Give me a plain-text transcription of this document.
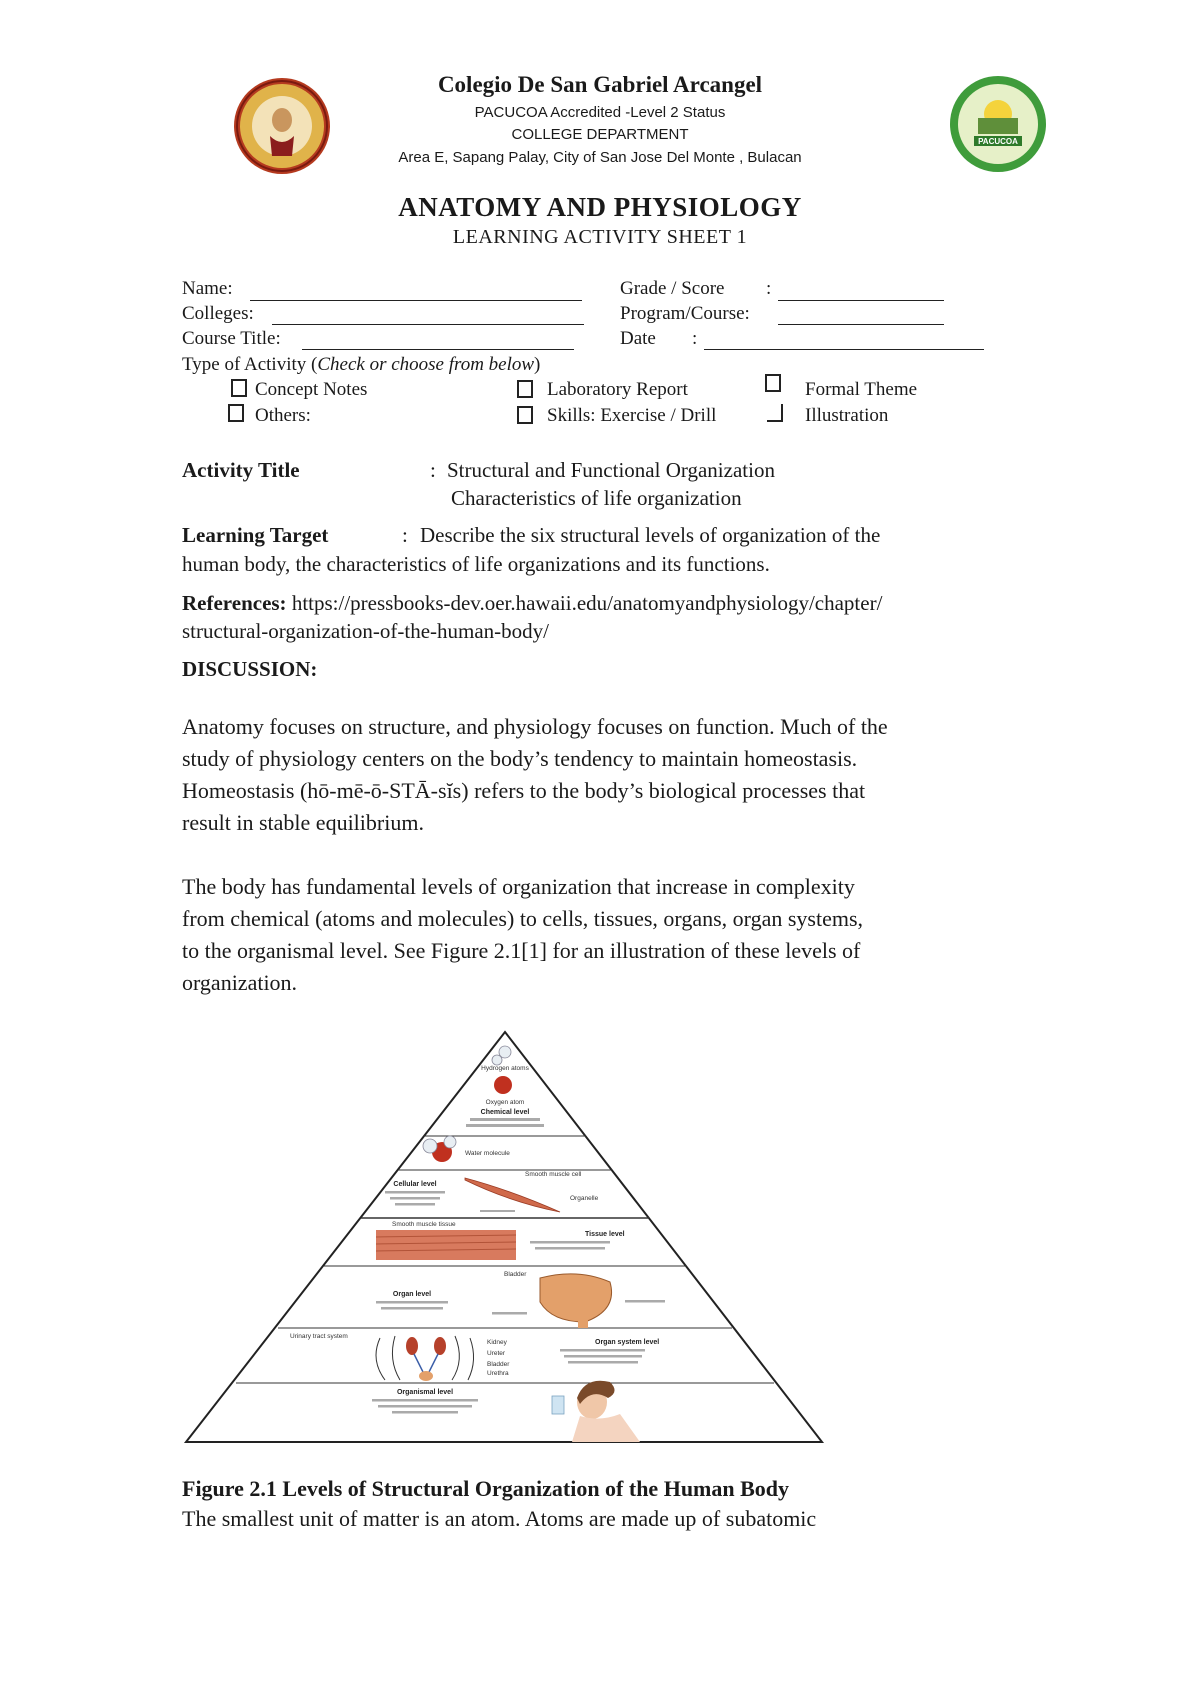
PACUCOA
Colegio De San Gabriel Arcangel
PACUCOA Accredited -Level 2 Status
COLLEGE DEPARTMENT
Area E, Sapang Palay, City of San Jose Del Monte , Bulacan
ANATOMY AND PHYSIOLOGY
LEARNING ACTIVITY SHEET 1
Name:	Grade / Score :
Colleges:	Program/Course:
Course Title:	Date :
Type of Activity (Check or choose from below)
Concept Notes	Laboratory Report	Formal Theme
Others:	Skills: Exercise / Drill	Illustration
Activity Title	: Structural and Functional Organization
Characteristics of life organization
Learning Target	: Describe the six structural levels of organization of the
human body, the characteristics of life organizations and its functions.
References: https://pressbooks-dev.oer.hawaii.edu/anatomyandphysiology/chapter/
structural-organization-of-the-human-body/
DISCUSSION:
Anatomy focuses on structure, and physiology focuses on function. Much of the
study of physiology centers on the body’s tendency to maintain homeostasis.
Homeostasis (hō-mē-ō-STĀ-sĭs) refers to the body’s biological processes that
result in stable equilibrium.
The body has fundamental levels of organization that increase in complexity
from chemical (atoms and molecules) to cells, tissues, organs, organ systems,
to the organismal level. See Figure 2.1[1] for an illustration of these levels of
organization.
Hydrogen atoms
Oxygen atom
Chemical level
Water molecule
Cellular level
Smooth muscle cell
Organelle
Smooth muscle tissue
Tissue level
Bladder
Organ level
Urinary tract system
Kidney
Ureter
Bladder
Urethra
Organ system level
Organismal level
Figure 2.1 Levels of Structural Organization of the Human Body
The smallest unit of matter is an atom. Atoms are made up of subatomic
